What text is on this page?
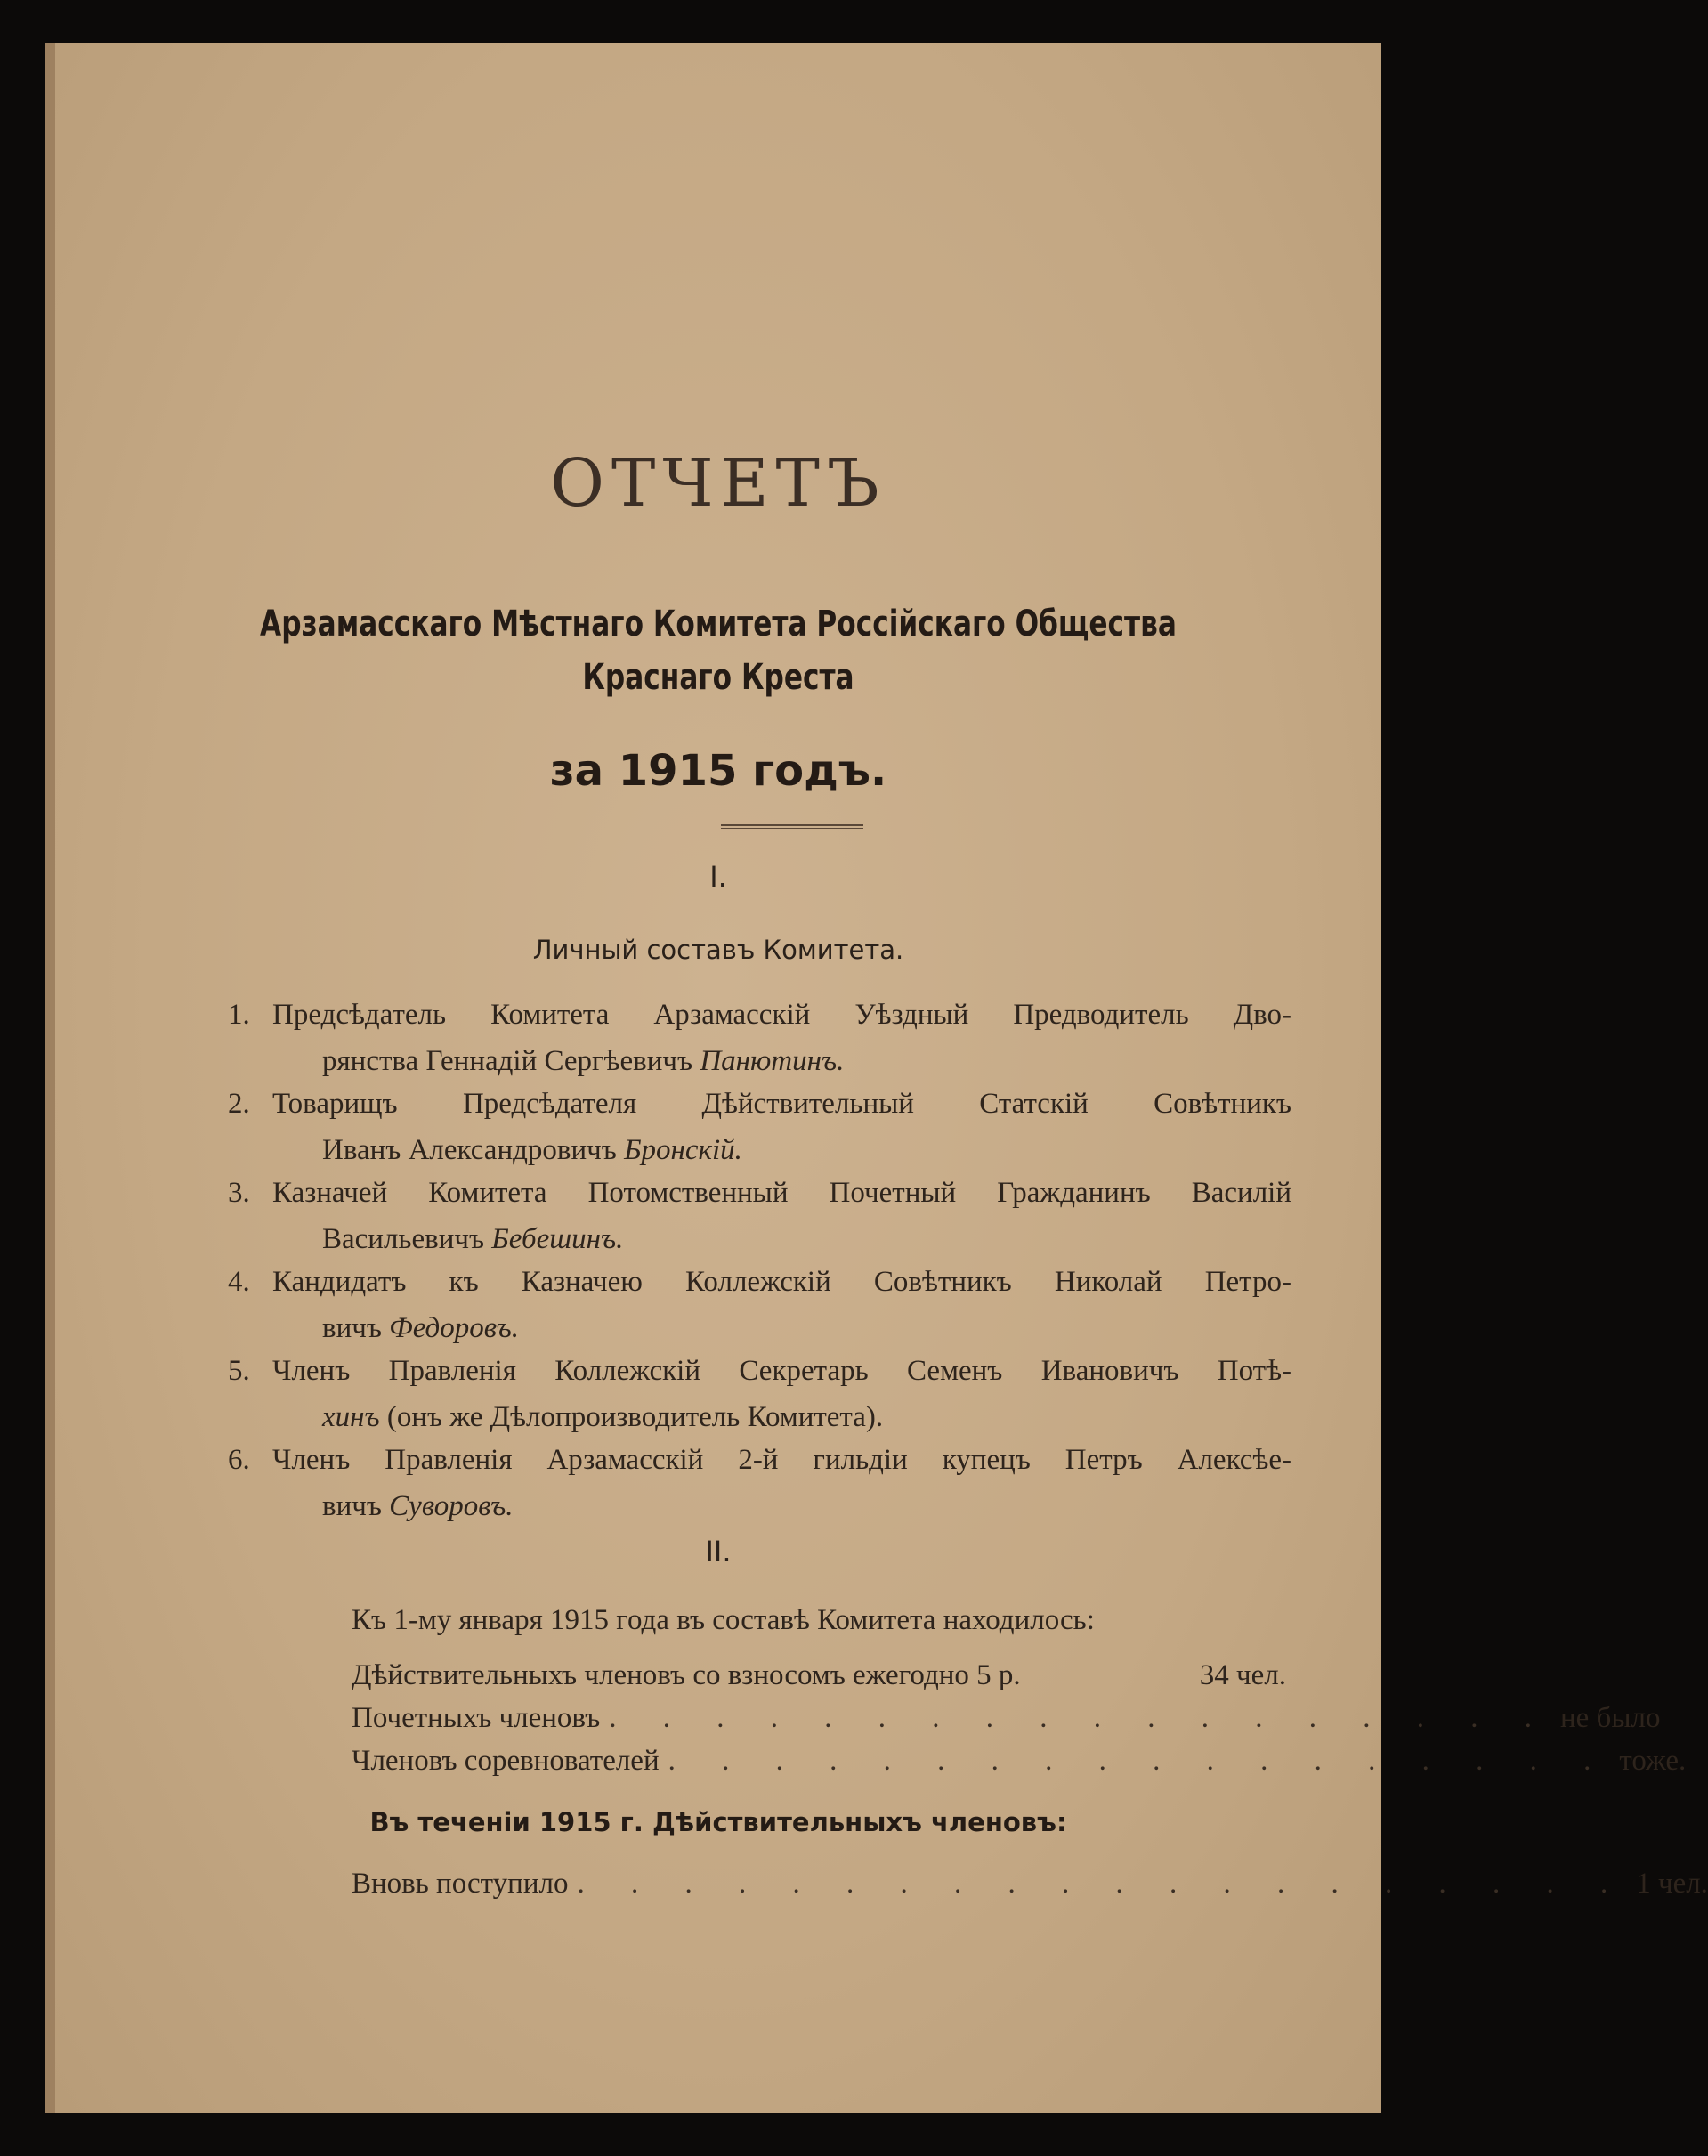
ОТЧЕТЪ
Арзамасскаго Мѣстнаго Комитета Россійскаго Общества
Краснаго Креста
за 1915 годъ.
I.
Личный составъ Комитета.
1. Предсѣдатель Комитета Арзамасскій Уѣздный Предводитель Дво-
рянства Геннадій Сергѣевичъ Панютинъ.
2. Товарищъ Предсѣдателя Дѣйствительный Статскій Совѣтникъ
Иванъ Александровичъ Бронскій.
3. Казначей Комитета Потомственный Почетный Гражданинъ Василій
Васильевичъ Бебешинъ.
4. Кандидатъ къ Казначею Коллежскій Совѣтникъ Николай Петро-
вичъ Федоровъ.
5. Членъ Правленія Коллежскій Секретарь Семенъ Ивановичъ Потѣ-
хинъ (онъ же Дѣлопроизводитель Комитета).
6. Членъ Правленія Арзамасскій 2-й гильдіи купецъ Петръ Алексѣе-
вичъ Суворовъ.
II.
Къ 1-му января 1915 года въ составѣ Комитета находилось:
Дѣйствительныхъ членовъ со взносомъ ежегодно 5 р.	34 чел.
Почетныхъ членовъ . . . . . . . . . . . . . . . . . . не было
Членовъ соревнователей . . . . . . . . . . . . . . . . . . тоже.
Въ теченіи 1915 г. Дѣйствительныхъ членовъ:
Вновь поступило . . . . . . . . . . . . . . . . . . . . 1 чел.
